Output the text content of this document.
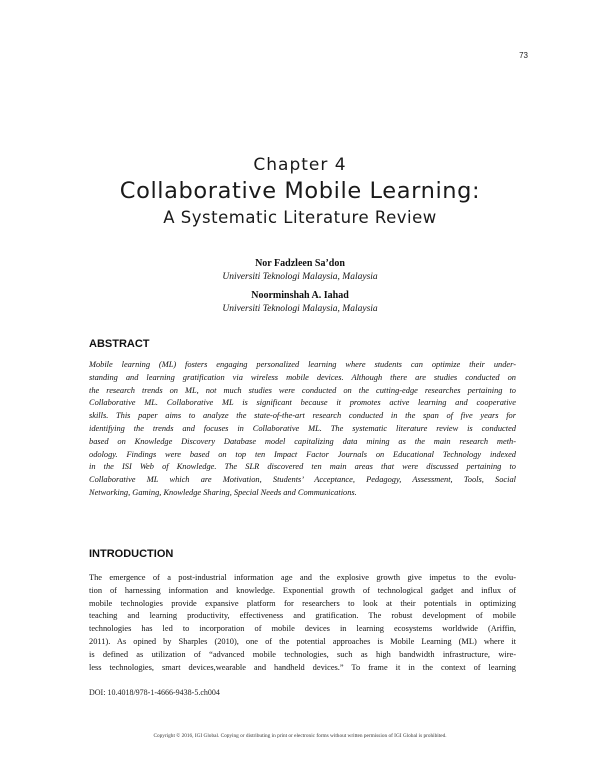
73
Chapter 4
Collaborative Mobile Learning:
A Systematic Literature Review
Nor Fadzleen Sa’don
Universiti Teknologi Malaysia, Malaysia
Noorminshah A. Iahad
Universiti Teknologi Malaysia, Malaysia
ABSTRACT
Mobile learning (ML) fosters engaging personalized learning where students can optimize their under-
standing and learning gratification via wireless mobile devices. Although there are studies conducted on
the research trends on ML, not much studies were conducted on the cutting-edge researches pertaining to
Collaborative ML. Collaborative ML is significant because it promotes active learning and cooperative
skills. This paper aims to analyze the state-of-the-art research conducted in the span of five years for
identifying the trends and focuses in Collaborative ML. The systematic literature review is conducted
based on Knowledge Discovery Database model capitalizing data mining as the main research meth-
odology. Findings were based on top ten Impact Factor Journals on Educational Technology indexed
in the ISI Web of Knowledge. The SLR discovered ten main areas that were discussed pertaining to
Collaborative ML which are Motivation, Students’ Acceptance, Pedagogy, Assessment, Tools, Social
Networking, Gaming, Knowledge Sharing, Special Needs and Communications.
INTRODUCTION
The emergence of a post-industrial information age and the explosive growth give impetus to the evolu-
tion of harnessing information and knowledge. Exponential growth of technological gadget and influx of
mobile technologies provide expansive platform for researchers to look at their potentials in optimizing
teaching and learning productivity, effectiveness and gratification. The robust development of mobile
technologies has led to incorporation of mobile devices in learning ecosystems worldwide (Ariffin,
2011). As opined by Sharples (2010), one of the potential approaches is Mobile Learning (ML) where it
is defined as utilization of “advanced mobile technologies, such as high bandwidth infrastructure, wire-
less technologies, smart devices,wearable and handheld devices.” To frame it in the context of learning
DOI: 10.4018/978-1-4666-9438-5.ch004
Copyright © 2016, IGI Global. Copying or distributing in print or electronic forms without written permission of IGI Global is prohibited.
